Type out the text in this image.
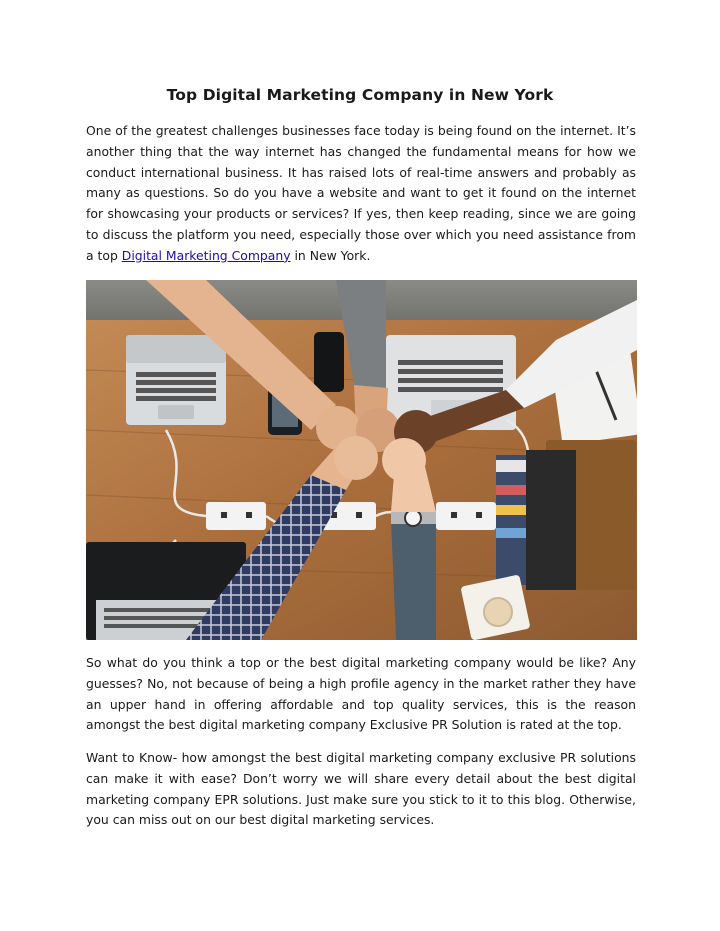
Top Digital Marketing Company in New York
One of the greatest challenges businesses face today is being found on the internet. It’s another thing that the way internet has changed the fundamental means for how we conduct international business. It has raised lots of real-time answers and probably as many as questions. So do you have a website and want to get it found on the internet for showcasing your products or services? If yes, then keep reading, since we are going to discuss the platform you need, especially those over which you need assistance from a top Digital Marketing Company in New York.
So what do you think a top or the best digital marketing company would be like? Any guesses? No, not because of being a high profile agency in the market rather they have an upper hand in offering affordable and top quality services, this is the reason amongst the best digital marketing company Exclusive PR Solution is rated at the top.
Want to Know- how amongst the best digital marketing company exclusive PR solutions can make it with ease? Don’t worry we will share every detail about the best digital marketing company EPR solutions. Just make sure you stick to it to this blog. Otherwise, you can miss out on our best digital marketing services.
